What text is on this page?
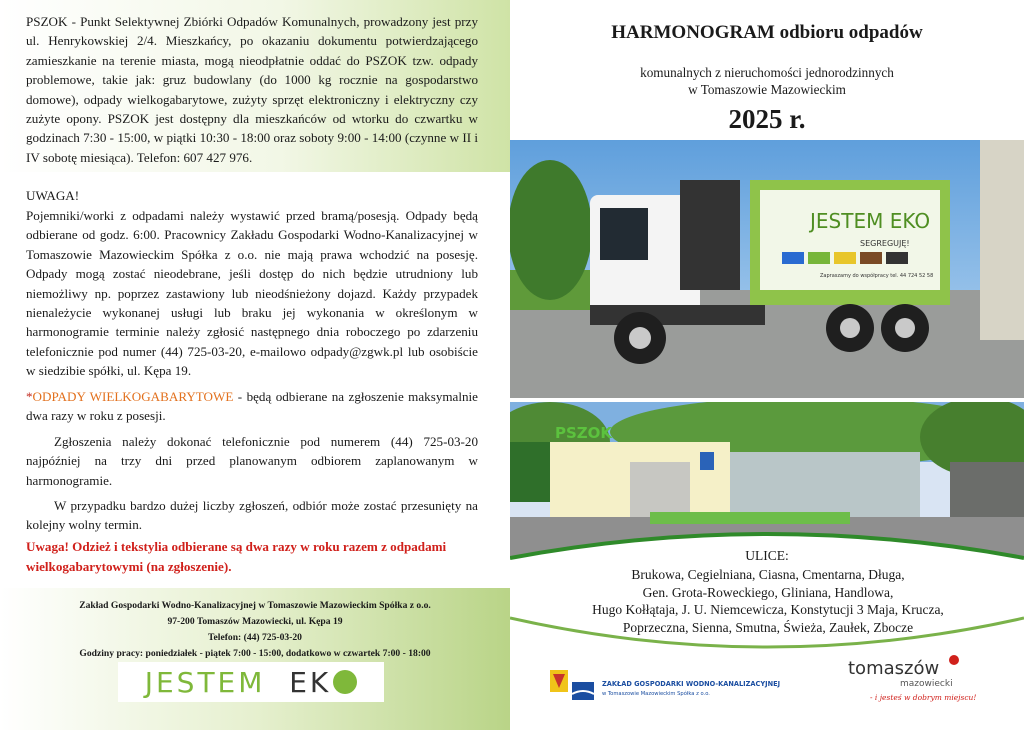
PSZOK - Punkt Selektywnej Zbiórki Odpadów Komunalnych, prowadzony jest przy ul. Henrykowskiej 2/4. Mieszkańcy, po okazaniu dokumentu potwierdzającego zamieszkanie na terenie miasta, mogą nieodpłatnie oddać do PSZOK tzw. odpady problemowe, takie jak: gruz budowlany (do 1000 kg rocznie na gospodarstwo domowe), odpady wielkogabarytowe, zużyty sprzęt elektroniczny i elektryczny czy zużyte opony. PSZOK jest dostępny dla mieszkańców od wtorku do czwartku w godzinach 7:30 - 15:00, w piątki 10:30 - 18:00 oraz soboty 9:00 - 14:00 (czynne w II i IV sobotę miesiąca). Telefon: 607 427 976.
UWAGA!
Pojemniki/worki z odpadami należy wystawić przed bramą/posesją. Odpady będą odbierane od godz. 6:00. Pracownicy Zakładu Gospodarki Wodno-Kanalizacyjnej w Tomaszowie Mazowieckim Spółka z o.o. nie mają prawa wchodzić na posesję. Odpady mogą zostać nieodebrane, jeśli dostęp do nich będzie utrudniony lub niemożliwy np. poprzez zastawiony lub nieodśnieżony dojazd. Każdy przypadek nienależycie wykonanej usługi lub braku jej wykonania w określonym w harmonogramie terminie należy zgłosić następnego dnia roboczego po zdarzeniu telefonicznie pod numer (44) 725-03-20, e-mailowo odpady@zgwk.pl lub osobiście w siedzibie spółki, ul. Kępa 19.
*ODPADY WIELKOGABARYTOWE - będą odbierane na zgłoszenie maksymalnie dwa razy w roku z posesji.
Zgłoszenia należy dokonać telefonicznie pod numerem (44) 725-03-20 najpóźniej na trzy dni przed planowanym odbiorem zaplanowanym w harmonogramie.
W przypadku bardzo dużej liczby zgłoszeń, odbiór może zostać przesunięty na kolejny wolny termin.
Uwaga! Odzież i tekstylia odbierane są dwa razy w roku razem z odpadami wielkogabarytowymi (na zgłoszenie).
Zakład Gospodarki Wodno-Kanalizacyjnej w Tomaszowie Mazowieckim Spółka z o.o.
97-200 Tomaszów Mazowiecki, ul. Kępa 19
Telefon: (44) 725-03-20
Godziny pracy: poniedziałek - piątek 7:00 - 15:00, dodatkowo w czwartek 7:00 - 18:00
JESTEM EK
HARMONOGRAM odbioru odpadów
komunalnych z nieruchomości jednorodzinnych
w Tomaszowie Mazowieckim
2025 r.
JESTEM EKO
SEGREGUJĘ!
Zapraszamy do współpracy tel. 44 724 52 58
PSZOK
ULICE:
Brukowa, Cegielniana, Ciasna, Cmentarna, Długa,
Gen. Grota-Roweckiego, Gliniana, Handlowa,
Hugo Kołłątaja, J. U. Niemcewicza, Konstytucji 3 Maja, Krucza,
Poprzeczna, Sienna, Smutna, Świeża, Zaułek, Zbocze
ZAKŁAD GOSPODARKI WODNO-KANALIZACYJNEJ
w Tomaszowie Mazowieckim Spółka z o.o.
tomaszów
mazowiecki
- i jesteś w dobrym miejscu!
